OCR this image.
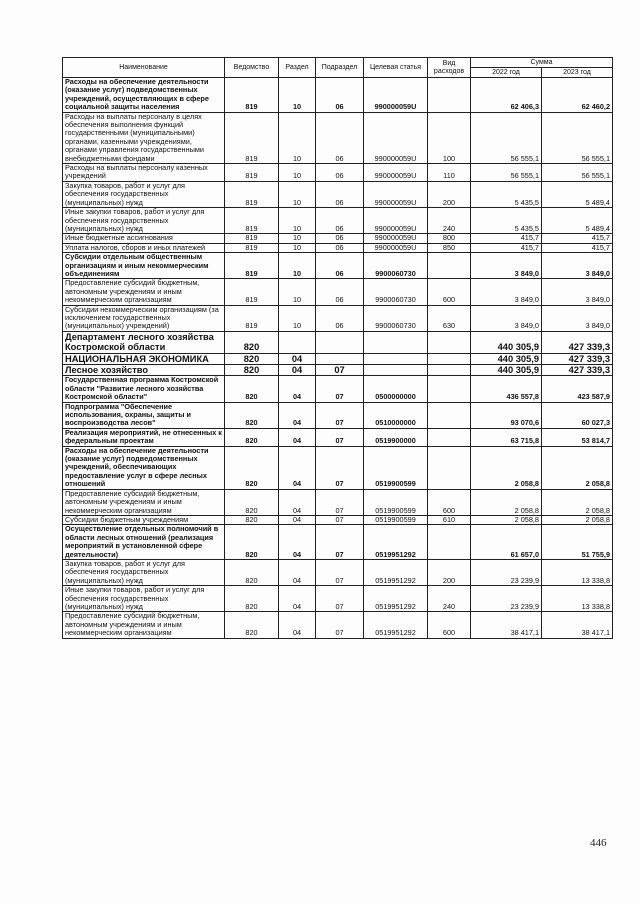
Наименование	Ведомство	Раздел	Подраздел	Целевая статья	Вид расходов	Сумма	
						2022 год	2023 год
Расходы на обеспечение деятельности (оказание услуг) подведомственных учреждений, осуществляющих в сфере социальной защиты населения	819	10	06	990000059U		62 406,3	62 460,2
Расходы на выплаты персоналу в целях обеспечения выполнения функций государственными (муниципальными) органами, казенными учреждениями, органами управления государственными внебюджетными фондами	819	10	06	990000059U	100	56 555,1	56 555,1
Расходы на выплаты персоналу казенных учреждений	819	10	06	990000059U	110	56 555,1	56 555,1
Закупка товаров, работ и услуг для обеспечения государственных (муниципальных) нужд	819	10	06	990000059U	200	5 435,5	5 489,4
Иные закупки товаров, работ и услуг для обеспечения государственных (муниципальных) нужд	819	10	06	990000059U	240	5 435,5	5 489,4
Иные бюджетные ассигнования	819	10	06	990000059U	800	415,7	415,7
Уплата налогов, сборов и иных платежей	819	10	06	990000059U	850	415,7	415,7
Субсидии отдельным общественным организациям и иным некоммерческим объединениям	819	10	06	9900060730		3 849,0	3 849,0
Предоставление субсидий бюджетным, автономным учреждениям и иным некоммерческим организациям	819	10	06	9900060730	600	3 849,0	3 849,0
Субсидии некоммерческим организациям (за исключением государственных (муниципальных) учреждений)	819	10	06	9900060730	630	3 849,0	3 849,0
Департамент лесного хозяйства Костромской области	820					440 305,9	427 339,3
НАЦИОНАЛЬНАЯ ЭКОНОМИКА	820	04				440 305,9	427 339,3
Лесное хозяйство	820	04	07			440 305,9	427 339,3
Государственная программа Костромской области "Развитие лесного хозяйства Костромской области"	820	04	07	0500000000		436 557,8	423 587,9
Подпрограмма "Обеспечение использования, охраны, защиты и воспроизводства лесов"	820	04	07	0510000000		93 070,6	60 027,3
Реализация мероприятий, не отнесенных к федеральным проектам	820	04	07	0519900000		63 715,8	53 814,7
Расходы на обеспечение деятельности (оказание услуг) подведомственных учреждений, обеспечивающих предоставление услуг в сфере лесных отношений	820	04	07	0519900599		2 058,8	2 058,8
Предоставление субсидий бюджетным, автономным учреждениям и иным некоммерческим организациям	820	04	07	0519900599	600	2 058,8	2 058,8
Субсидии бюджетным учреждениям	820	04	07	0519900599	610	2 058,8	2 058,8
Осуществление отдельных полномочий в области лесных отношений (реализация мероприятий в установленной сфере деятельности)	820	04	07	0519951292		61 657,0	51 755,9
Закупка товаров, работ и услуг для обеспечения государственных (муниципальных) нужд	820	04	07	0519951292	200	23 239,9	13 338,8
Иные закупки товаров, работ и услуг для обеспечения государственных (муниципальных) нужд	820	04	07	0519951292	240	23 239,9	13 338,8
Предоставление субсидий бюджетным, автономным учреждениям и иным некоммерческим организациям	820	04	07	0519951292	600	38 417,1	38 417,1
446
